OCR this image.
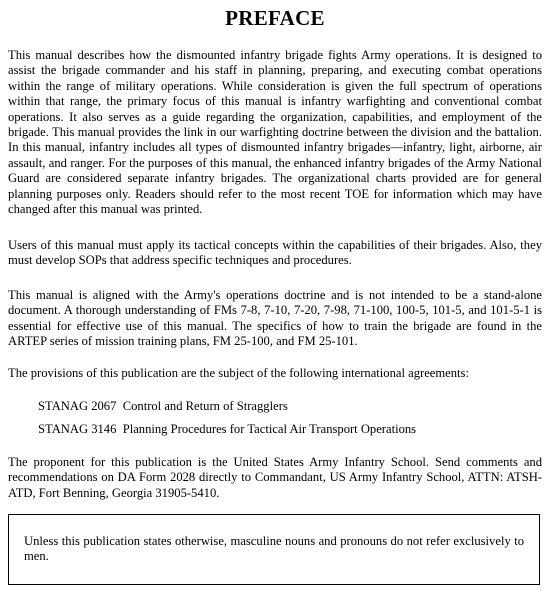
PREFACE

This manual describes how the dismounted infantry brigade fights Army operations. It is designed to assist the brigade commander and his staff in planning, preparing, and executing combat operations within the range of military operations. While consideration is given the full spectrum of operations within that range, the primary focus of this manual is infantry warfighting and conventional combat operations. It also serves as a guide regarding the organization, capabilities, and employment of the brigade. This manual provides the link in our warfighting doctrine between the division and the battalion. In this manual, infantry includes all types of dismounted infantry brigades—infantry, light, airborne, air assault, and ranger. For the purposes of this manual, the enhanced infantry brigades of the Army National Guard are considered separate infantry brigades. The organizational charts provided are for general planning purposes only. Readers should refer to the most recent TOE for information which may have changed after this manual was printed.

Users of this manual must apply its tactical concepts within the capabilities of their brigades. Also, they must develop SOPs that address specific techniques and procedures.

This manual is aligned with the Army's operations doctrine and is not intended to be a stand-alone document. A thorough understanding of FMs 7-8, 7-10, 7-20, 7-98, 71-100, 100-5, 101-5, and 101-5-1 is essential for effective use of this manual. The specifics of how to train the brigade are found in the ARTEP series of mission training plans, FM 25-100, and FM 25-101.

The provisions of this publication are the subject of the following international agreements:

STANAG 2067  Control and Return of Stragglers

STANAG 3146  Planning Procedures for Tactical Air Transport Operations

The proponent for this publication is the United States Army Infantry School. Send comments and recommendations on DA Form 2028 directly to Commandant, US Army Infantry School, ATTN: ATSH-ATD, Fort Benning, Georgia 31905-5410.

Unless this publication states otherwise, masculine nouns and pronouns do not refer exclusively to men.
